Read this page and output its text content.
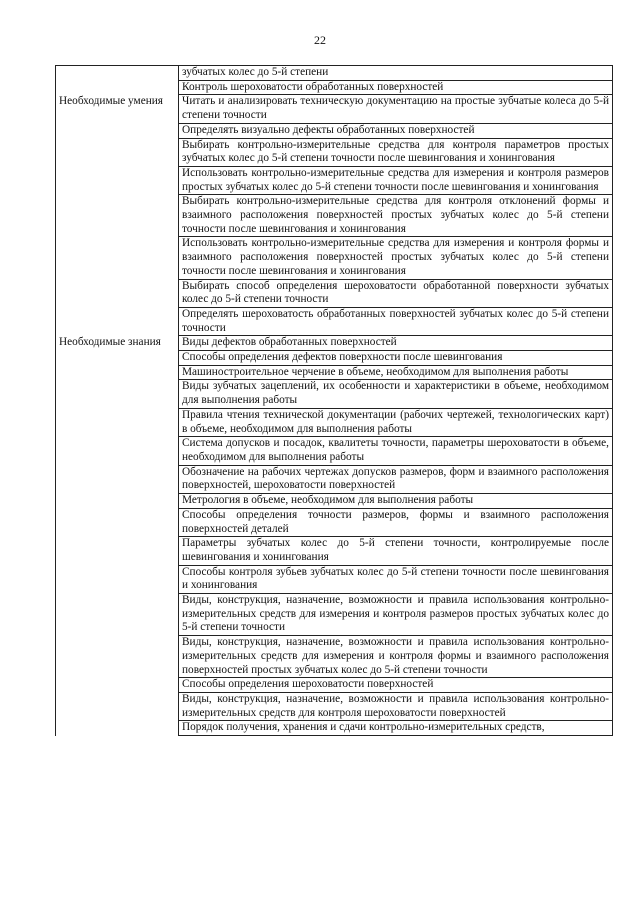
22

	зубчатых колес до 5-й степени

	Контроль шероховатости обработанных поверхностей

Необходимые умения	Читать и анализировать техническую документацию на простые зубчатые колеса до 5-й степени точности

	Определять визуально дефекты обработанных поверхностей

	Выбирать контрольно-измерительные средства для контроля параметров простых зубчатых колес до 5-й степени точности после шевингования и хонингования

	Использовать контрольно-измерительные средства для измерения и контроля размеров простых зубчатых колес до 5-й степени точности после шевингования и хонингования

	Выбирать контрольно-измерительные средства для контроля отклонений формы и взаимного расположения поверхностей простых зубчатых колес до 5-й степени точности после шевингования и хонингования

	Использовать контрольно-измерительные средства для измерения и контроля формы и взаимного расположения поверхностей простых зубчатых колес до 5-й степени точности после шевингования и хонингования

	Выбирать способ определения шероховатости обработанной поверхности зубчатых колес до 5-й степени точности

	Определять шероховатость обработанных поверхностей зубчатых колес до 5-й степени точности

Необходимые знания	Виды дефектов обработанных поверхностей

	Способы определения дефектов поверхности после шевингования

	Машиностроительное черчение в объеме, необходимом для выполнения работы

	Виды зубчатых зацеплений, их особенности и характеристики в объеме, необходимом для выполнения работы

	Правила чтения технической документации (рабочих чертежей, технологических карт) в объеме, необходимом для выполнения работы

	Система допусков и посадок, квалитеты точности, параметры шероховатости в объеме, необходимом для выполнения работы

	Обозначение на рабочих чертежах допусков размеров, форм и взаимного расположения поверхностей, шероховатости поверхностей

	Метрология в объеме, необходимом для выполнения работы

	Способы определения точности размеров, формы и взаимного расположения поверхностей деталей

	Параметры зубчатых колес до 5-й степени точности, контролируемые после шевингования и хонингования

	Способы контроля зубьев зубчатых колес до 5-й степени точности после шевингования и хонингования

	Виды, конструкция, назначение, возможности и правила использования контрольно-измерительных средств для измерения и контроля размеров простых зубчатых колес до 5-й степени точности

	Виды, конструкция, назначение, возможности и правила использования контрольно-измерительных средств для измерения и контроля формы и взаимного расположения поверхностей простых зубчатых колес до 5-й степени точности

	Способы определения шероховатости поверхностей

	Виды, конструкция, назначение, возможности и правила использования контрольно-измерительных средств для контроля шероховатости поверхностей

	Порядок получения, хранения и сдачи контрольно-измерительных средств,
